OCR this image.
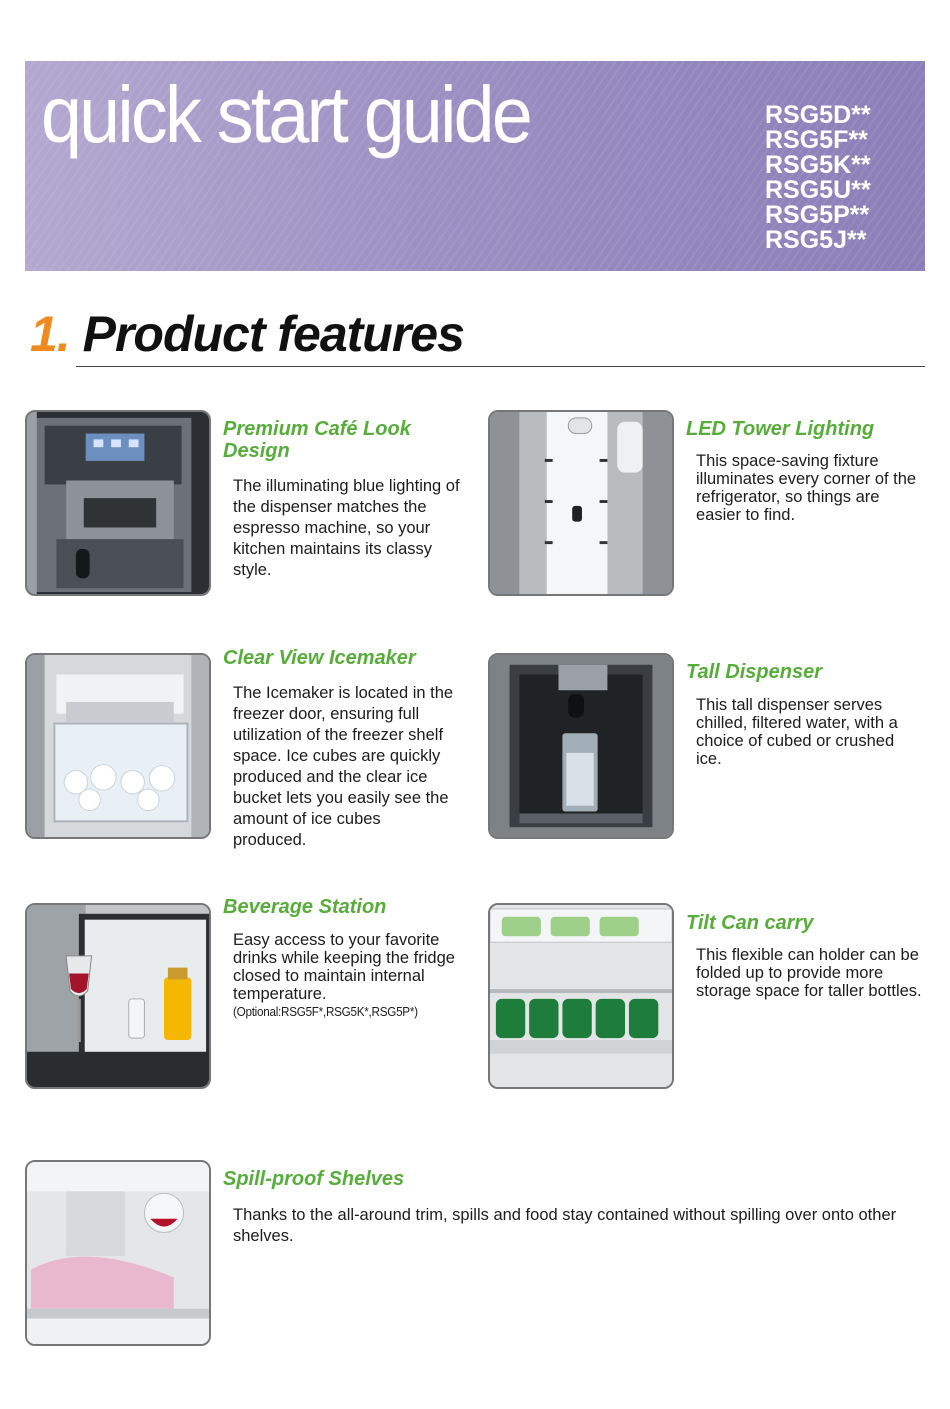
quick start guide	RSG5D**
RSG5F**
RSG5K**
RSG5U**
RSG5P**
RSG5J**
1. Product features
Premium Café Look Design
The illuminating blue lighting of the dispenser matches the espresso machine, so your kitchen maintains its classy style.
LED Tower Lighting
This space-saving fixture illuminates every corner of the refrigerator, so things are easier to find.
Clear View Icemaker
The Icemaker is located in the freezer door, ensuring full utilization of the freezer shelf space. Ice cubes are quickly produced and the clear ice bucket lets you easily see the amount of ice cubes produced.
Tall Dispenser
This tall dispenser serves chilled, filtered water, with a choice of cubed or crushed ice.
Beverage Station
Easy access to your favorite drinks while keeping the fridge closed to maintain internal temperature.
(Optional:RSG5F*,RSG5K*,RSG5P*)
Tilt Can carry
This flexible can holder can be folded up to provide more storage space for taller bottles.
Spill-proof Shelves
Thanks to the all-around trim, spills and food stay contained without spilling over onto other shelves.
